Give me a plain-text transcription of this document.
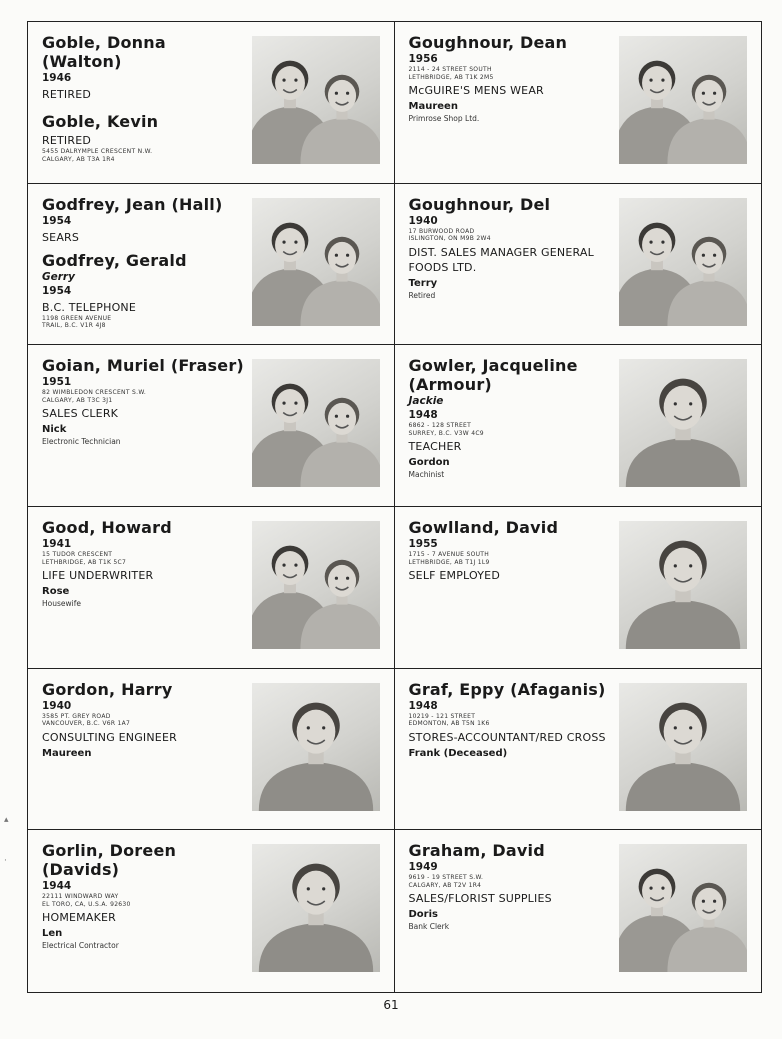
Goble, Donna (Walton)
1946
RETIRED
Goble, Kevin
RETIRED
5455 DALRYMPLE CRESCENT N.W.
CALGARY, AB T3A 1R4
Goughnour, Dean
1956
2114 - 24 STREET SOUTH
LETHBRIDGE, AB T1K 2M5
McGUIRE'S MENS WEAR
Maureen
Primrose Shop Ltd.
Godfrey, Jean (Hall)
1954
SEARS
Godfrey, Gerald
Gerry
1954
B.C. TELEPHONE
1198 GREEN AVENUE
TRAIL, B.C. V1R 4J8
Goughnour, Del
1940
17 BURWOOD ROAD
ISLINGTON, ON M9B 2W4
DIST. SALES MANAGER GENERAL FOODS LTD.
Terry
Retired
Goian, Muriel (Fraser)
1951
82 WIMBLEDON CRESCENT S.W.
CALGARY, AB T3C 3J1
SALES CLERK
Nick
Electronic Technician
Gowler, Jacqueline (Armour)
Jackie
1948
6862 - 128 STREET
SURREY, B.C. V3W 4C9
TEACHER
Gordon
Machinist
Good, Howard
1941
15 TUDOR CRESCENT
LETHBRIDGE, AB T1K 5C7
LIFE UNDERWRITER
Rose
Housewife
Gowlland, David
1955
1715 - 7 AVENUE SOUTH
LETHBRIDGE, AB T1J 1L9
SELF EMPLOYED
Gordon, Harry
1940
3585 PT. GREY ROAD
VANCOUVER, B.C. V6R 1A7
CONSULTING ENGINEER
Maureen
Graf, Eppy (Afaganis)
1948
10219 - 121 STREET
EDMONTON, AB T5N 1K6
STORES-ACCOUNTANT/RED CROSS
Frank (Deceased)
Gorlin, Doreen (Davids)
1944
22111 WINDWARD WAY
EL TORO, CA, U.S.A. 92630
HOMEMAKER
Len
Electrical Contractor
Graham, David
1949
9619 - 19 STREET S.W.
CALGARY, AB T2V 1R4
SALES/FLORIST SUPPLIES
Doris
Bank Clerk
▴
·
61
